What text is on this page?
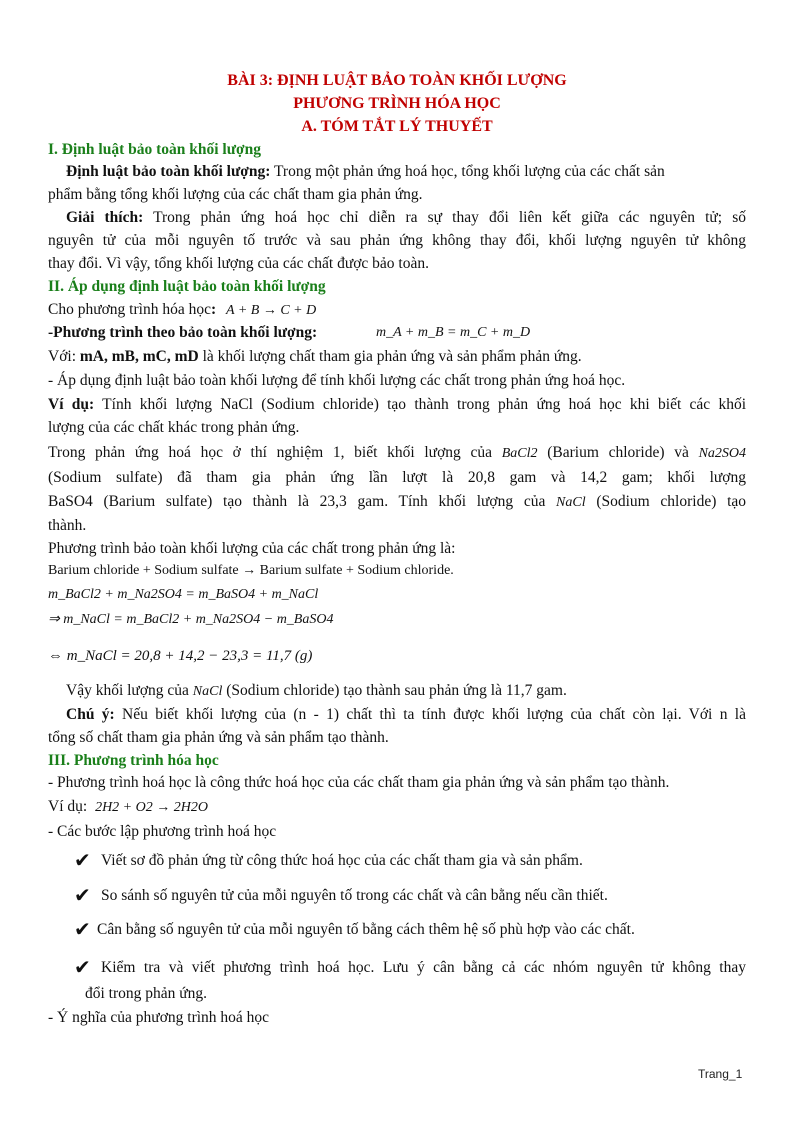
BÀI 3: ĐỊNH LUẬT BẢO TOÀN KHỐI LƯỢNG
PHƯƠNG TRÌNH HÓA HỌC
A. TÓM TẮT LÝ THUYẾT
I. Định luật bảo toàn khối lượng
Định luật bảo toàn khối lượng: Trong một phản ứng hoá học, tổng khối lượng của các chất sản
phẩm bằng tổng khối lượng của các chất tham gia phản ứng.
Giải thích: Trong phản ứng hoá học chỉ diễn ra sự thay đổi liên kết giữa các nguyên tử; số
nguyên tử của mỗi nguyên tố trước và sau phản ứng không thay đổi, khối lượng nguyên tử không
thay đổi. Vì vậy, tổng khối lượng của các chất được bảo toàn.
II. Áp dụng định luật bảo toàn khối lượng
Cho phương trình hóa học: A + B → C + D
-Phương trình theo bảo toàn khối lượng:	m_A + m_B = m_C + m_D
Với: mA, mB, mC, mD là khối lượng chất tham gia phản ứng và sản phẩm phản ứng.
- Áp dụng định luật bảo toàn khối lượng để tính khối lượng các chất trong phản ứng hoá học.
Ví dụ: Tính khối lượng NaCl (Sodium chloride) tạo thành trong phản ứng hoá học khi biết các khối
lượng của các chất khác trong phản ứng.
Trong phản ứng hoá học ở thí nghiệm 1, biết khối lượng của BaCl2 (Barium chloride) và Na2SO4
(Sodium sulfate) đã tham gia phản ứng lần lượt là 20,8 gam và 14,2 gam; khối lượng
BaSO4 (Barium sulfate) tạo thành là 23,3 gam. Tính khối lượng của NaCl (Sodium chloride) tạo
thành.
Phương trình bảo toàn khối lượng của các chất trong phản ứng là:
Barium chloride + Sodium sulfate → Barium sulfate + Sodium chloride.
m_BaCl2 + m_Na2SO4 = m_BaSO4 + m_NaCl
⇒ m_NaCl = m_BaCl2 + m_Na2SO4 − m_BaSO4
⇔ m_NaCl = 20,8 + 14,2 − 23,3 = 11,7 (g)
Vậy khối lượng của NaCl (Sodium chloride) tạo thành sau phản ứng là 11,7 gam.
Chú ý: Nếu biết khối lượng của (n - 1) chất thì ta tính được khối lượng của chất còn lại. Với n là
tổng số chất tham gia phản ứng và sản phẩm tạo thành.
III. Phương trình hóa học
- Phương trình hoá học là công thức hoá học của các chất tham gia phản ứng và sản phẩm tạo thành.
Ví dụ: 2H2 + O2 → 2H2O
- Các bước lập phương trình hoá học
✔ Viết sơ đồ phản ứng từ công thức hoá học của các chất tham gia và sản phẩm.
✔ So sánh số nguyên tử của mỗi nguyên tố trong các chất và cân bằng nếu cần thiết.
✔ Cân bằng số nguyên tử của mỗi nguyên tố bằng cách thêm hệ số phù hợp vào các chất.
✔ Kiểm tra và viết phương trình hoá học. Lưu ý cân bằng cả các nhóm nguyên tử không thay
đổi trong phản ứng.
- Ý nghĩa của phương trình hoá học
Trang_1
